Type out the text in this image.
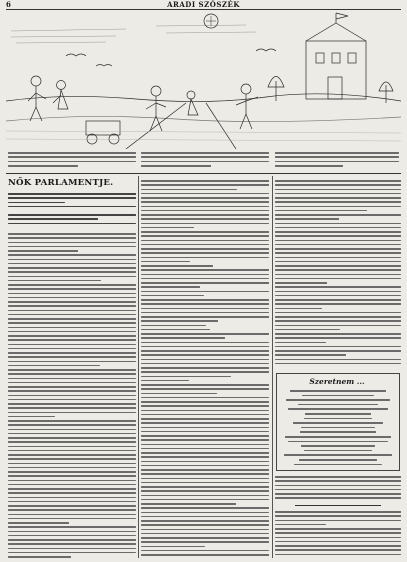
6	ARADI SZÓSZÉK
NŐK PARLAMENTJE.
Szeretnem ...
